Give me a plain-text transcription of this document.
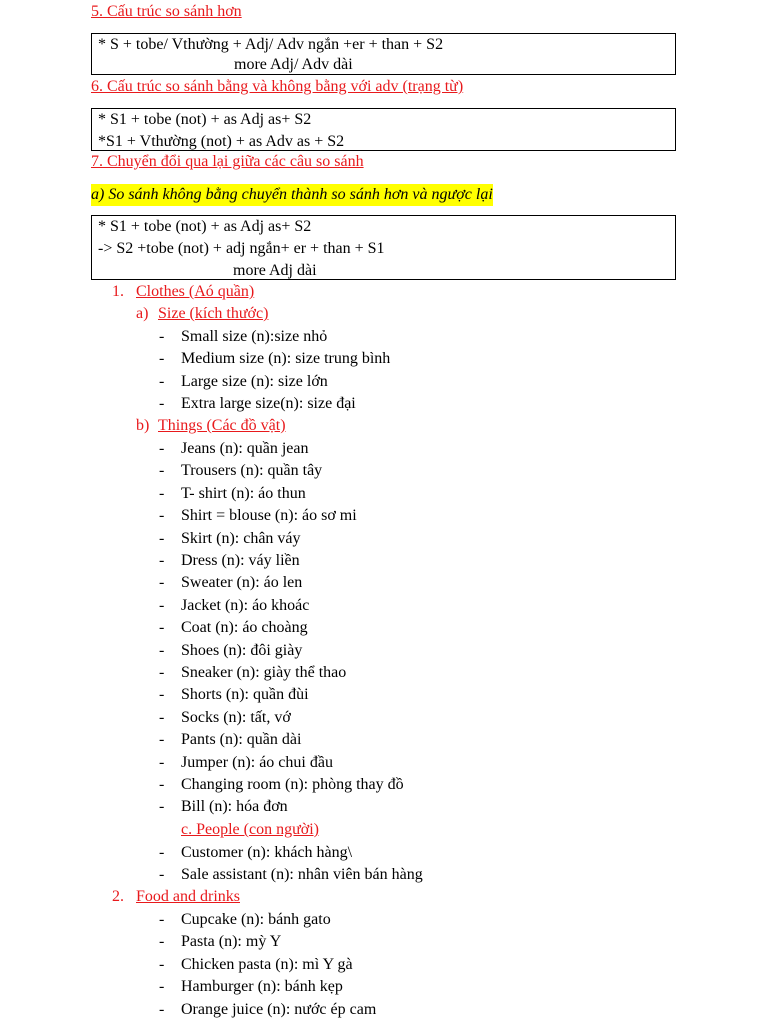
5. Cấu trúc so sánh hơn
* S + tobe/ Vthường + Adj/ Adv ngắn +er + than + S2
more Adj/ Adv dài
6. Cấu trúc so sánh bằng và không bằng với adv (trạng từ)
* S1 + tobe (not) + as Adj as+ S2
*S1 + Vthường (not) + as Adv as + S2
7. Chuyển đổi qua lại giữa các câu so sánh
a) So sánh không bằng chuyển thành so sánh hơn và ngược lại
* S1 + tobe (not) + as Adj as+ S2
-> S2 +tobe (not) + adj ngắn+ er + than + S1
more Adj dài
1. Clothes (Aó quần)
a) Size (kích thước)
- Small size (n):size nhỏ
- Medium size (n): size trung bình
- Large size (n): size lớn
- Extra large size(n): size đại
b) Things (Các đồ vật)
- Jeans (n): quần jean
- Trousers (n): quần tây
- T- shirt (n): áo thun
- Shirt = blouse (n): áo sơ mi
- Skirt (n): chân váy
- Dress (n): váy liền
- Sweater (n): áo len
- Jacket (n): áo khoác
- Coat (n): áo choàng
- Shoes (n): đôi giày
- Sneaker (n): giày thể thao
- Shorts (n): quần đùi
- Socks (n): tất, vớ
- Pants (n): quần dài
- Jumper (n): áo chui đầu
- Changing room (n): phòng thay đồ
- Bill (n): hóa đơn
c. People (con người)
- Customer (n): khách hàng\
- Sale assistant (n): nhân viên bán hàng
2. Food and drinks
- Cupcake (n): bánh gato
- Pasta (n): mỳ Y
- Chicken pasta (n): mì Y gà
- Hamburger (n): bánh kẹp
- Orange juice (n): nước ép cam
